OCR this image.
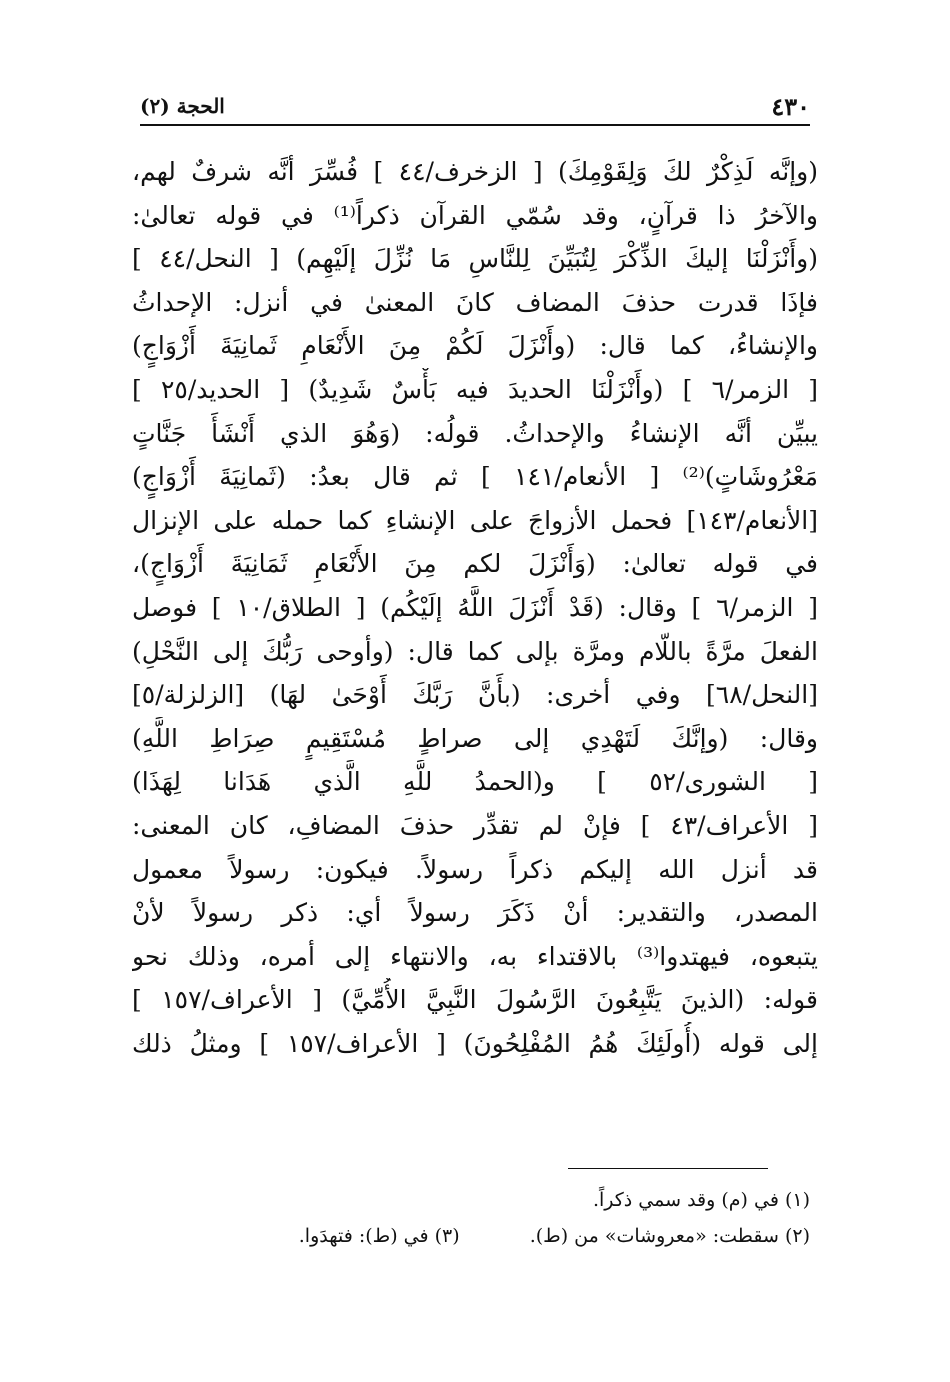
٤٣٠
الحجة (٢)
(وإنَّه لَذِكْرٌ لكَ وَلِقَوْمِكَ) [ الزخرف/٤٤ ] فُسِّرَ أنَّه شرفٌ لهم،
والآخرُ ذا قرآنٍ، وقد سُمّي القرآن ذكراً⁽¹⁾ في قوله تعالىٰ:
(وأَنْزَلْنَا إليكَ الذِّكْرَ لِتُبَيِّنَ لِلنَّاسِ مَا نُزِّلَ إلَيْهِم) [ النحل/٤٤ ]
فإذَا قدرت حذفَ المضاف كانَ المعنىٰ في أنزل: الإحداثُ
والإنشاءُ، كما قال: (وأَنْزَلَ لَكُمْ مِنَ الأَنْعَامِ ثَمانِيَةَ أَزْوَاجٍ)
[ الزمر/٦ ] (وأَنْزَلْنَا الحديدَ فيه بَأْسٌ شَدِيدٌ) [ الحديد/٢٥ ]
يبيِّن أنَّه الإنشاءُ والإحداثُ. قولُه: (وَهُوَ الذي أَنْشَأَ جَنَّاتٍ
مَعْرُوشَاتٍ)⁽²⁾ [ الأنعام/١٤١ ] ثم قال بعدُ: (ثَمانِيَةَ أَزْوَاجٍ)
[الأنعام/١٤٣] فحمل الأزواجَ على الإنشاءِ كما حمله على الإنزال
في قوله تعالىٰ: (وَأَنْزَلَ لكم مِنَ الأَنْعَامِ ثَمَانِيَةَ أَزْوَاجٍ)،
[ الزمر/٦ ] وقال: (قَدْ أَنْزَلَ اللَّهُ إلَيْكُم) [ الطلاق/١٠ ] فوصل
الفعلَ مرَّةً باللّام ومرَّة بإلى كما قال: (وأوحى رَبُّكَ إلى النَّحْلِ)
[النحل/٦٨] وفي أخرى: (بأَنَّ رَبَّكَ أَوْحَىٰ لهَا) [الزلزلة/٥]
وقال: (وإنَّكَ لَتَهْدِي إلى صراطٍ مُسْتَقِيمٍ صِرَاطِ اللَّهِ)
[ الشورى/٥٢ ] و(الحمدُ للَّهِ الَّذي هَدَانا لِهَذَا)
[ الأعراف/٤٣ ] فإنْ لم تقدِّر حذفَ المضافِ، كان المعنى:
قد أنزل الله إليكم ذكراً رسولاً. فيكون: رسولاً معمول
المصدر، والتقدير: أنْ ذَكَرَ رسولاً أي: ذكر رسولاً لأنْ
يتبعوه، فيهتدوا⁽³⁾ بالاقتداء به، والانتهاء إلى أمره، وذلك نحو
قوله: (الذينَ يَتَّبِعُونَ الرَّسُولَ النَّبِيَّ الأُمِّيَّ) [ الأعراف/١٥٧ ]
إلى قوله (أُولَئِكَ هُمُ المُفْلِحُونَ) [ الأعراف/١٥٧ ] ومثلُ ذلك
(١) في (م) وقد سمي ذكراً.
(٢) سقطت: «معروشات» من (ط).(٣) في (ط): فتهدَوا.
